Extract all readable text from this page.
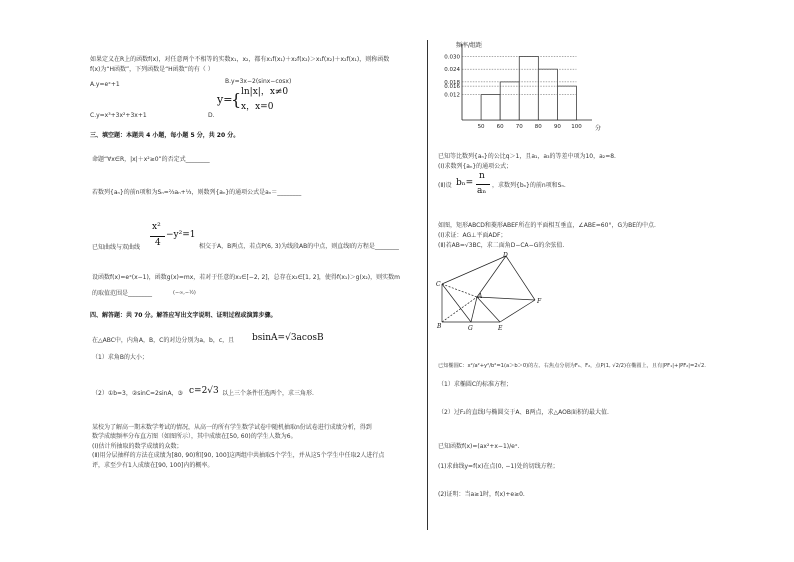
如果定义在R上的函数f(x)，对任意两个不相等的实数x₁，x₂，都有x₁f(x₁)＋x₂f(x₂)＞x₁f(x₂)＋x₂f(x₁)，则称函数
f(x)为“H函数”，下列函数是“H函数”的有（ ）
A.y=eˣ+1	B.y=3x−2(sinx−cosx)
C.y=x³+3x²+3x+1	D.
y=
{ ln|x|，x≠0
x，x=0
三、填空题：本题共 4 小题，每小题 5 分，共 20 分。
命题“∀x∈R，|x|＋x²≥0”的否定式________
若数列{aₙ}的前n项和为Sₙ=⅔aₙ+⅓，则数列{aₙ}的通项公式是aₙ＝________
已知曲线与双曲线
x²
4
−y²=1
相交于A，B两点，若点P(6, 3)为线段AB的中点，则直线l的方程是________
设函数f(x)=eˣ(x−1)，函数g(x)=mx，若对于任意的x₁∈[−2, 2]，总存在x₂∈[1, 2]，使得f(x₁)＞g(x₂)，则实数m
的取值范围是________	(−∞,−½)
四、解答题：共 70 分。解答应写出文字说明、证明过程或演算步骤。
在△ABC中，内角A，B，C的对边分别为a，b，c，且 bsinA=√3acosB
（1）求角B的大小；
（2）①b=3，②sinC=2sinA，③ c=2√3 以上三个条件任选两个，求三角形.
某校为了解高一期末数学考试的情况，从高一的所有学生数学试卷中随机抽取n份试卷进行成绩分析，得到
数学成绩频率分布直方图（如图所示），其中成绩在[50, 60)的学生人数为6。
(Ⅰ)估计所抽取的数学成绩的众数；
(Ⅱ)用分层抽样的方法在成绩为[80, 90)和[90, 100]这两组中共抽取5个学生，并从这5个学生中任取2人进行点
评，求至少有1人成绩在[90, 100]内的概率。
频率/组距
分
0.012
0.016
0.018
0.024
0.030
50 60 70 80 90 100
已知等比数列{aₙ}的公比q＞1，且a₁，a₃的等差中项为10，a₂=8.
(Ⅰ)求数列{aₙ}的通项公式；
(Ⅱ)设 bₙ=
n
aₙ
，求数列{bₙ}的前n项和Sₙ.
如图，矩形ABCD和菱形ABEF所在的平面相互垂直，∠ABE=60°，G为BE的中点.
(Ⅰ)求证：AG⊥平面ADF；
(Ⅱ)若AB=√3BC，求二面角D−CA−G的余弦值.
D
C
A
F
B	G	E
已知椭圆C：x²/a²+y²/b²=1(a＞b＞0)的左、右焦点分别为F₁、F₂，点P(1, √2/2)在椭圆上，且有|PF₁|+|PF₂|=2√2.
（1）求椭圆C的标准方程；
（2）过F₂的直线l与椭圆交于A、B两点，求△AOB面积的最大值.
已知函数f(x)=(ax²+x−1)/eˣ.
(1)求曲线y=f(x)在点(0, −1)处的切线方程；
(2)证明：当a≥1时，f(x)+e≥0.
